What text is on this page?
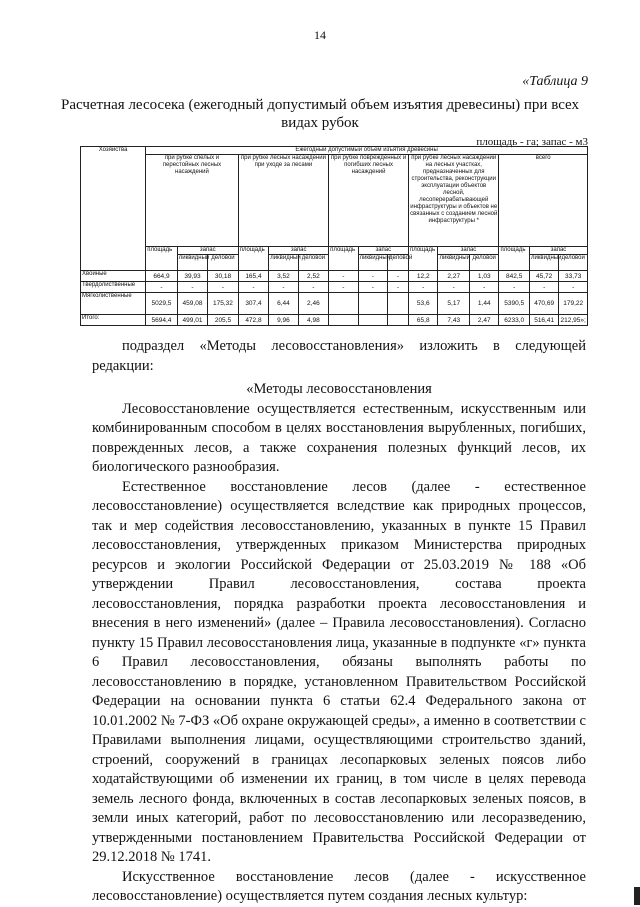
14
«Таблица 9
Расчетная лесосека (ежегодный допустимый объем изъятия древесины) при всех видах рубок
площадь - га; запас - м3
Хозяйства	Ежегодный допустимый объем изъятия древесины														
	при рубке спелых и перестойных лесных насаждений			при рубке лесных насаждений при уходе за лесами			при рубке поврежденных и погибших лесных насаждений			при рубке лесных насаждений на лесных участках, предназначенных для строительства, реконструкции эксплуатации объектов лесной, лесоперерабатывающей инфраструктуры и объектов не связанных с созданием лесной инфраструктуры *			всего		
	площадь	запас		площадь	запас		площадь	запас		площадь	запас		площадь	запас	
		ликвидный	деловой		ликвидный	деловой		ликвидный	деловой		ликвидный	деловой		ликвидный	деловой
Хвойные	664,9	39,93	30,18	165,4	3,52	2,52	-	-	-	12,2	2,27	1,03	842,5	45,72	33,73
Твердолиственные	-	-	-	-	-	-	-	-	-	-	-	-	-	-	-
Мягколиственные	5029,5	459,08	175,32	307,4	6,44	2,46				53,6	5,17	1,44	5390,5	470,69	179,22
Итого:	5694,4	499,01	205,5	472,8	9,96	4,98				65,8	7,43	2,47	6233,0	516,41	212,95»;

подраздел «Методы лесовосстановления» изложить в следующей редакции:

«Методы лесовосстановления

Лесовосстановление осуществляется естественным, искусственным или комбинированным способом в целях восстановления вырубленных, погибших, поврежденных лесов, а также сохранения полезных функций лесов, их биологического разнообразия.

Естественное восстановление лесов (далее - естественное лесовосстановление) осуществляется вследствие как природных процессов, так и мер содействия лесовосстановлению, указанных в пункте 15 Правил лесовосстановления, утвержденных приказом Министерства природных ресурсов и экологии Российской Федерации от 25.03.2019 № 188 «Об утверждении Правил лесовосстановления, состава проекта лесовосстановления, порядка разработки проекта лесовосстановления и внесения в него изменений» (далее – Правила лесовосстановления). Согласно пункту 15 Правил лесовосстановления лица, указанные в подпункте «г» пункта 6 Правил лесовосстановления, обязаны выполнять работы по лесовосстановлению в порядке, установленном Правительством Российской Федерации на основании пункта 6 статьи 62.4 Федерального закона от 10.01.2002 № 7-ФЗ «Об охране окружающей среды», а именно в соответствии с Правилами выполнения лицами, осуществляющими строительство зданий, строений, сооружений в границах лесопарковых зеленых поясов либо ходатайствующими об изменении их границ, в том числе в целях перевода земель лесного фонда, включенных в состав лесопарковых зеленых поясов, в земли иных категорий, работ по лесовосстановлению или лесоразведению, утвержденными постановлением Правительства Российской Федерации от 29.12.2018 № 1741.

Искусственное восстановление лесов (далее - искусственное лесовосстановление) осуществляется путем создания лесных культур:
